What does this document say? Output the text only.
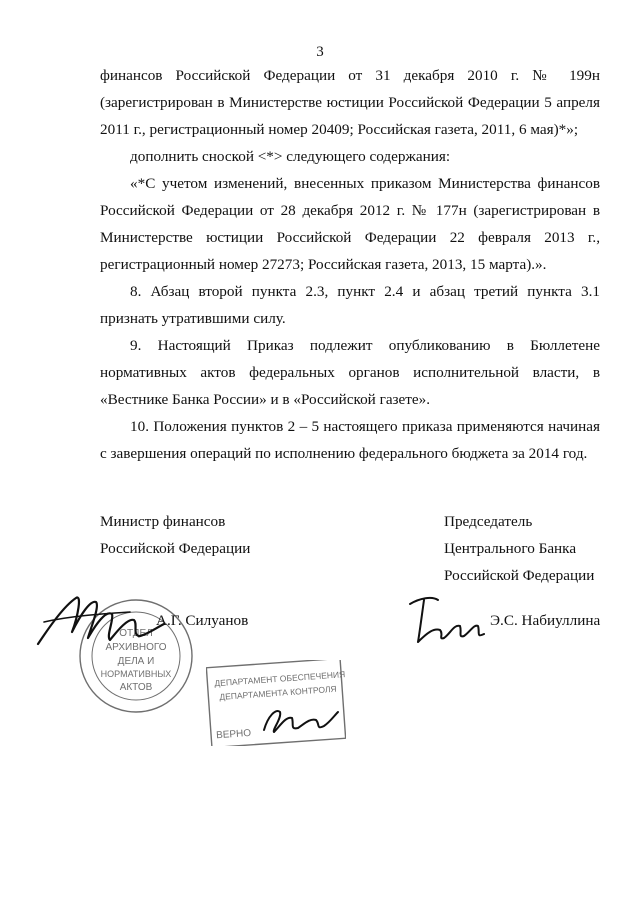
3

финансов Российской Федерации от 31 декабря 2010 г. № 199н (зарегистрирован в Министерстве юстиции Российской Федерации 5 апреля 2011 г., регистрационный номер 20409; Российская газета, 2011, 6 мая)*»;

дополнить сноской <*> следующего содержания:

«*С учетом изменений, внесенных приказом Министерства финансов Российской Федерации от 28 декабря 2012 г. № 177н (зарегистрирован в Министерстве юстиции Российской Федерации 22 февраля 2013 г., регистрационный номер 27273; Российская газета, 2013, 15 марта).».

8. Абзац второй пункта 2.3, пункт 2.4 и абзац третий пункта 3.1 признать утратившими силу.

9. Настоящий Приказ подлежит опубликованию в Бюллетене нормативных актов федеральных органов исполнительной власти, в «Вестнике Банка России» и в «Российской газете».

10. Положения пунктов 2 – 5 настоящего приказа применяются начиная с завершения операций по исполнению федерального бюджета за 2014 год.

Министр финансов
Российской Федерации
Председатель
Центрального Банка
Российской Федерации
ОТДЕЛ
АРХИВНОГО
ДЕЛА И
НОРМАТИВНЫХ
АКТОВ
А.Г. Силуанов	Э.С. Набиуллина
ДЕПАРТАМЕНТ ОБЕСПЕЧЕНИЯ
ДЕПАРТАМЕНТА КОНТРОЛЯ
ВЕРНО
